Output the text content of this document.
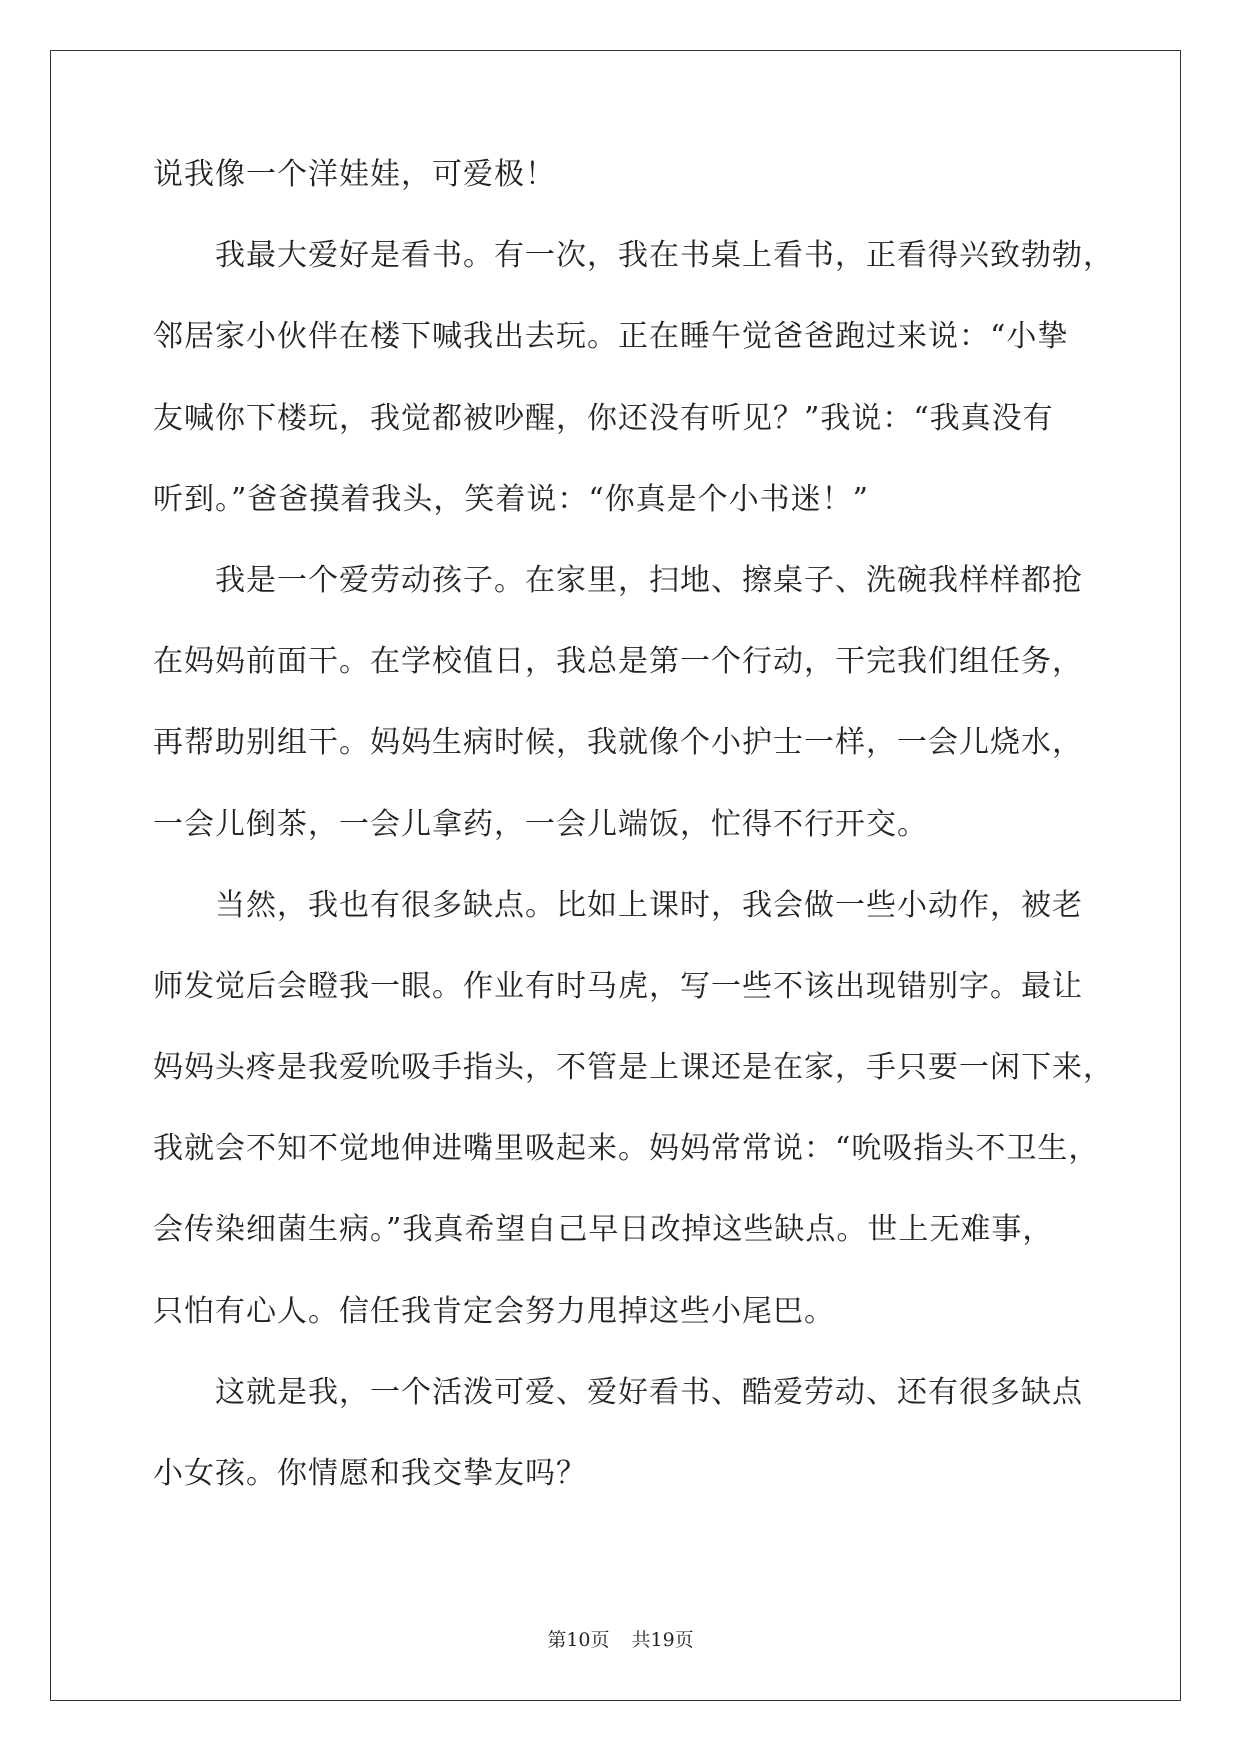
说我像一个洋娃娃，可爱极！
我最大爱好是看书。有一次，我在书桌上看书，正看得兴致勃勃，
邻居家小伙伴在楼下喊我出去玩。正在睡午觉爸爸跑过来说：“小挚
友喊你下楼玩，我觉都被吵醒，你还没有听见？”我说：“我真没有
听到。”爸爸摸着我头，笑着说：“你真是个小书迷！”
我是一个爱劳动孩子。在家里，扫地、擦桌子、洗碗我样样都抢
在妈妈前面干。在学校值日，我总是第一个行动，干完我们组任务，
再帮助别组干。妈妈生病时候，我就像个小护士一样，一会儿烧水，
一会儿倒茶，一会儿拿药，一会儿端饭，忙得不行开交。
当然，我也有很多缺点。比如上课时，我会做一些小动作，被老
师发觉后会瞪我一眼。作业有时马虎，写一些不该出现错别字。最让
妈妈头疼是我爱吮吸手指头，不管是上课还是在家，手只要一闲下来，
我就会不知不觉地伸进嘴里吸起来。妈妈常常说：“吮吸指头不卫生，
会传染细菌生病。”我真希望自己早日改掉这些缺点。世上无难事，
只怕有心人。信任我肯定会努力甩掉这些小尾巴。
这就是我，一个活泼可爱、爱好看书、酷爱劳动、还有很多缺点
小女孩。你情愿和我交挚友吗？
第10页 共19页
